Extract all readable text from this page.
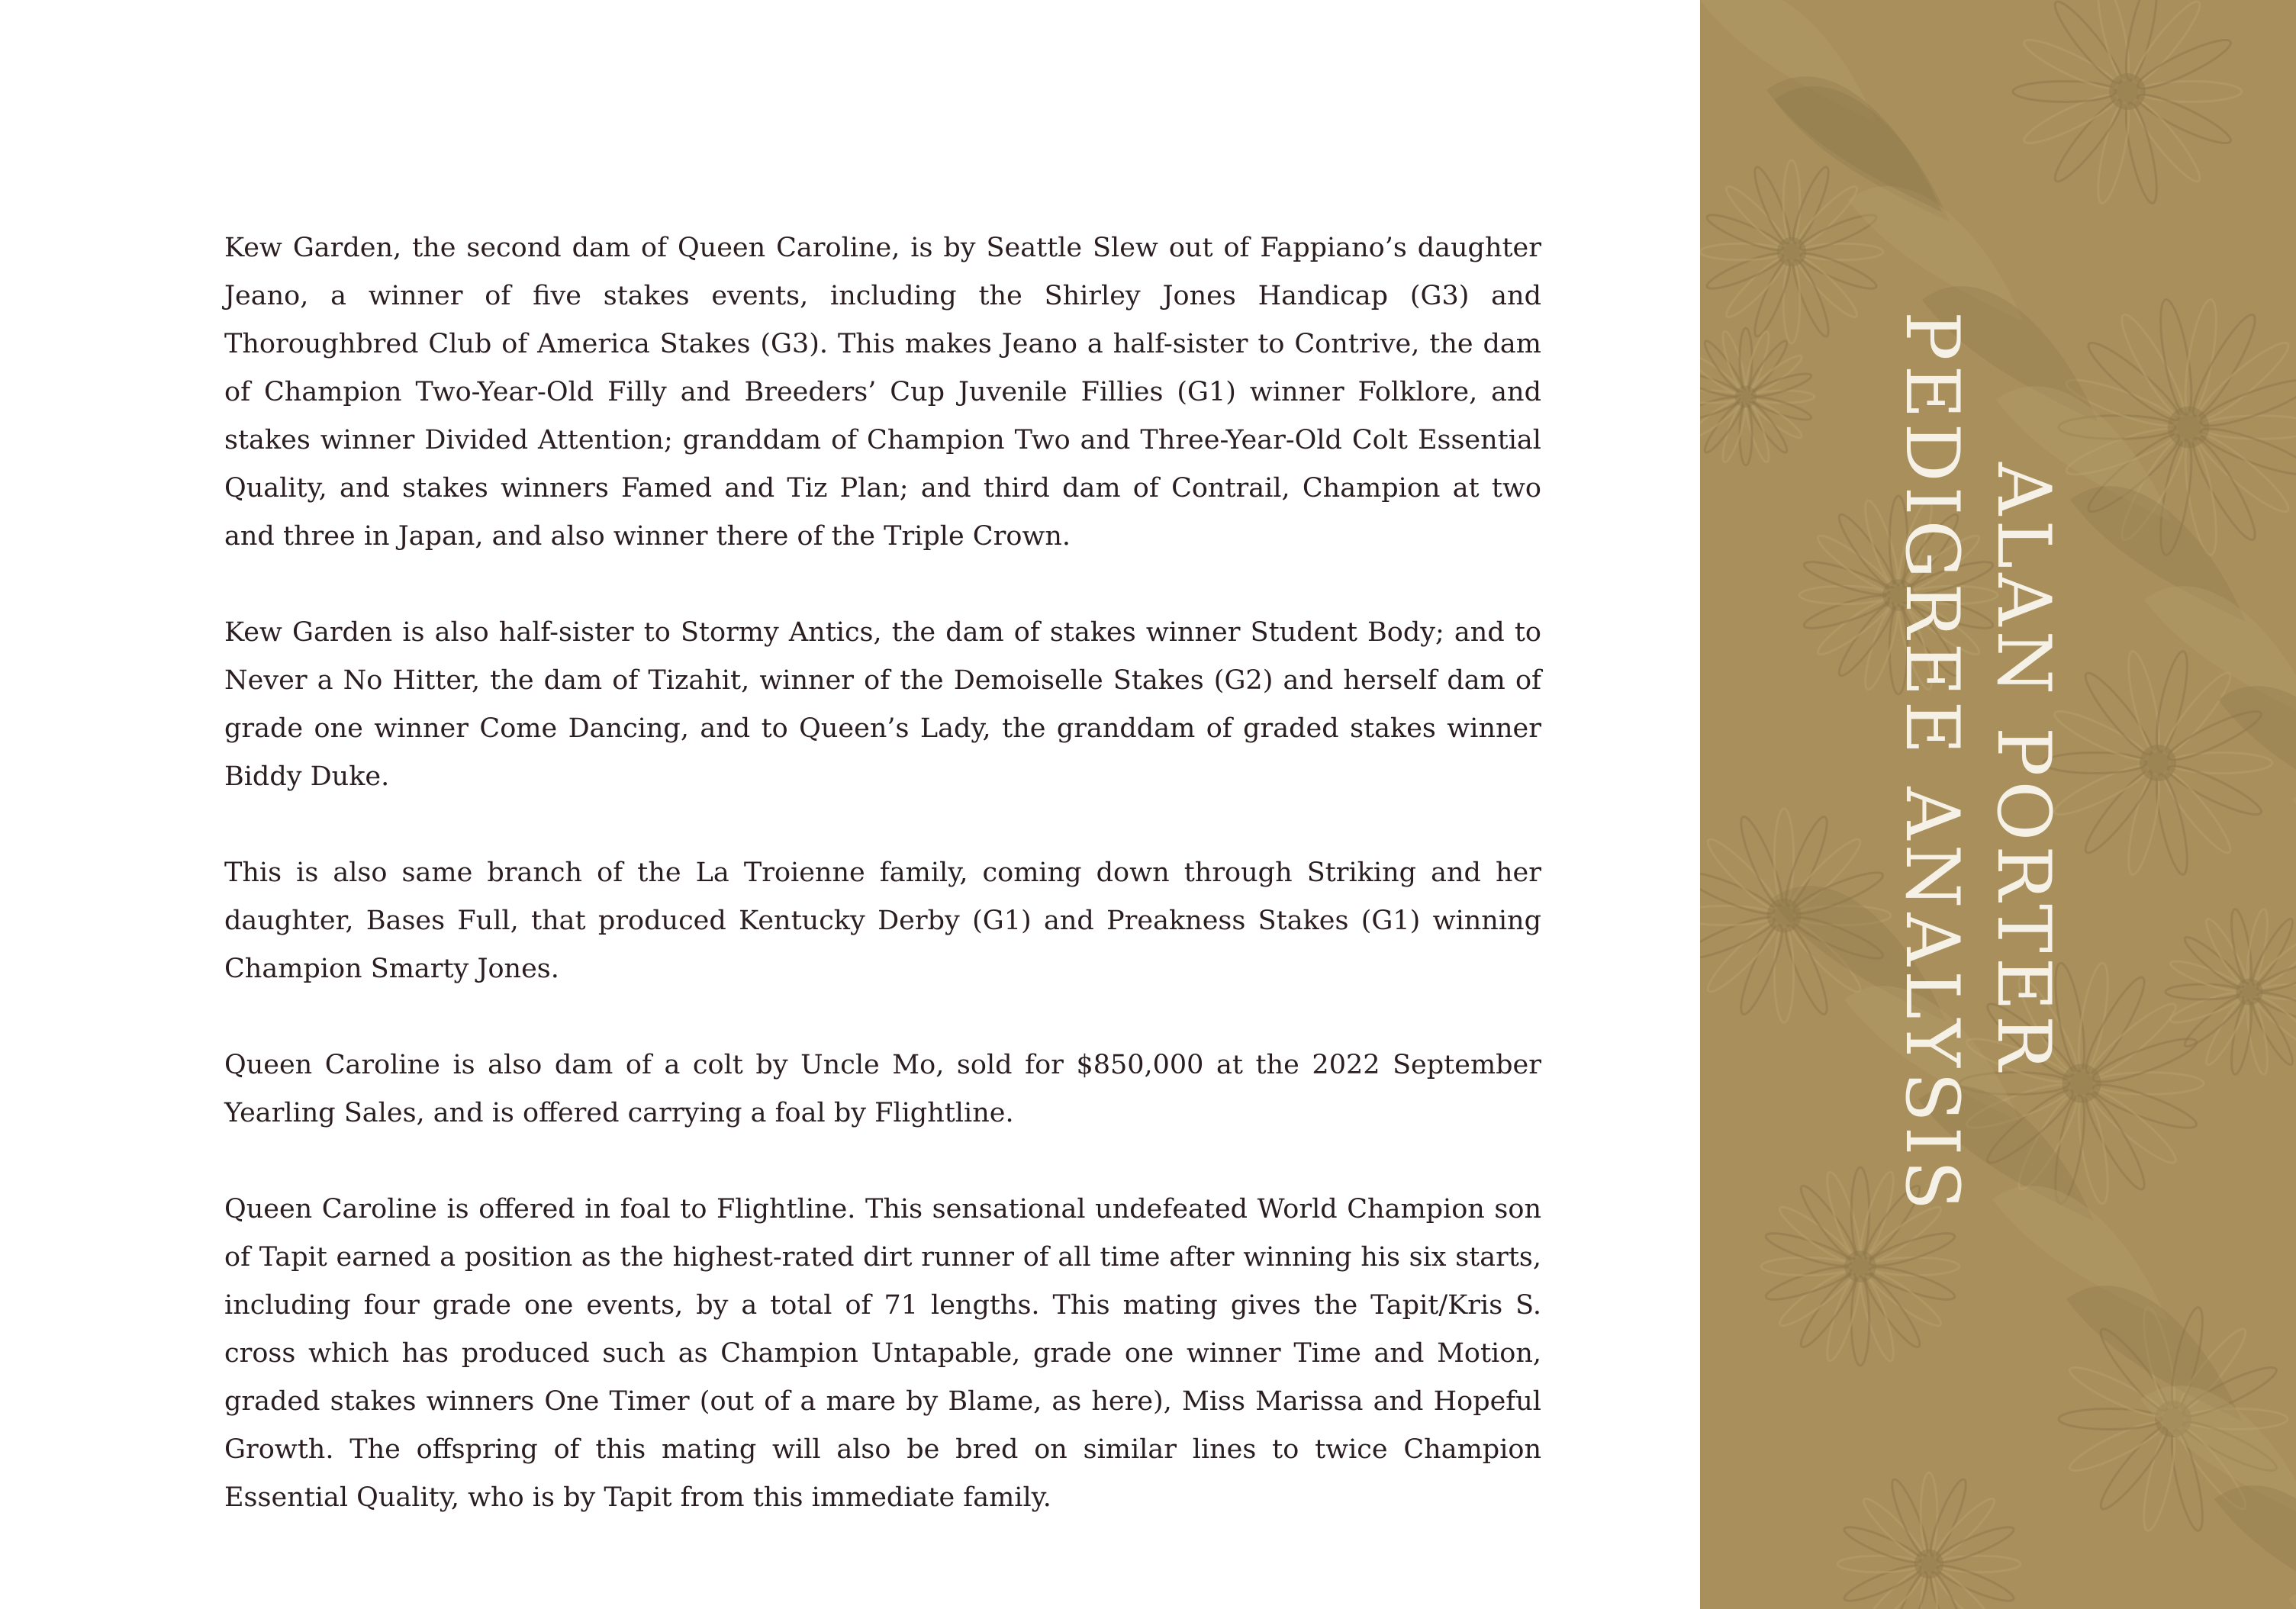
Kew Garden, the second dam of Queen Caroline, is by Seattle Slew out of Fappiano’s daughter Jeano, a winner of five stakes events, including the Shirley Jones Handicap (G3) and Thoroughbred Club of America Stakes (G3). This makes Jeano a half-sister to Contrive, the dam of Champion Two-Year-Old Filly and Breeders’ Cup Juvenile Fillies (G1) winner Folklore, and stakes winner Divided Attention; granddam of Champion Two and Three-Year-Old Colt Essential Quality, and stakes winners Famed and Tiz Plan; and third dam of Contrail, Champion at two and three in Japan, and also winner there of the Triple Crown.

Kew Garden is also half-sister to Stormy Antics, the dam of stakes winner Student Body; and to Never a No Hitter, the dam of Tizahit, winner of the Demoiselle Stakes (G2) and herself dam of grade one winner Come Dancing, and to Queen’s Lady, the granddam of graded stakes winner Biddy Duke.

This is also same branch of the La Troienne family, coming down through Striking and her daughter, Bases Full, that produced Kentucky Derby (G1) and Preakness Stakes (G1) winning Champion Smarty Jones.

Queen Caroline is also dam of a colt by Uncle Mo, sold for $850,000 at the 2022 September Yearling Sales, and is offered carrying a foal by Flightline.

Queen Caroline is offered in foal to Flightline. This sensational undefeated World Champion son of Tapit earned a position as the highest-rated dirt runner of all time after winning his six starts, including four grade one events, by a total of 71 lengths. This mating gives the Tapit/Kris S. cross which has produced such as Champion Untapable, grade one winner Time and Motion, graded stakes winners One Timer (out of a mare by Blame, as here), Miss Marissa and Hopeful Growth. The offspring of this mating will also be bred on similar lines to twice Champion Essential Quality, who is by Tapit from this immediate family.

ALAN PORTER
PEDIGREE ANALYSIS
